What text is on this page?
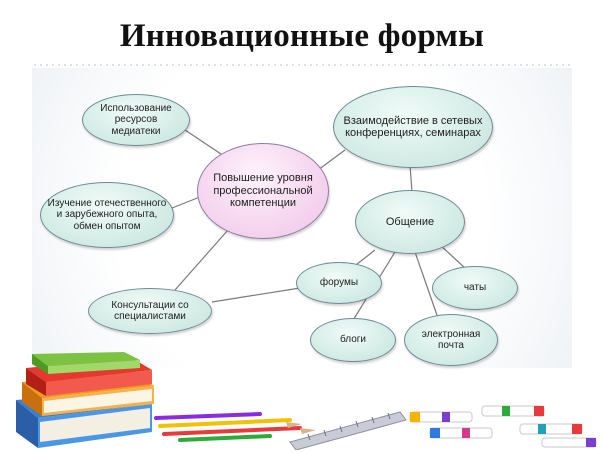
Инновационные формы
Повышение уровня профессиональной компетенции
Использование ресурсов медиатеки
Изучение отечественного и зарубежного опыта, обмен опытом
Консультации со специалистами
Взаимодействие в сетевых конференциях, семинарах
Общение
форумы	чаты
блоги
электронная почта
